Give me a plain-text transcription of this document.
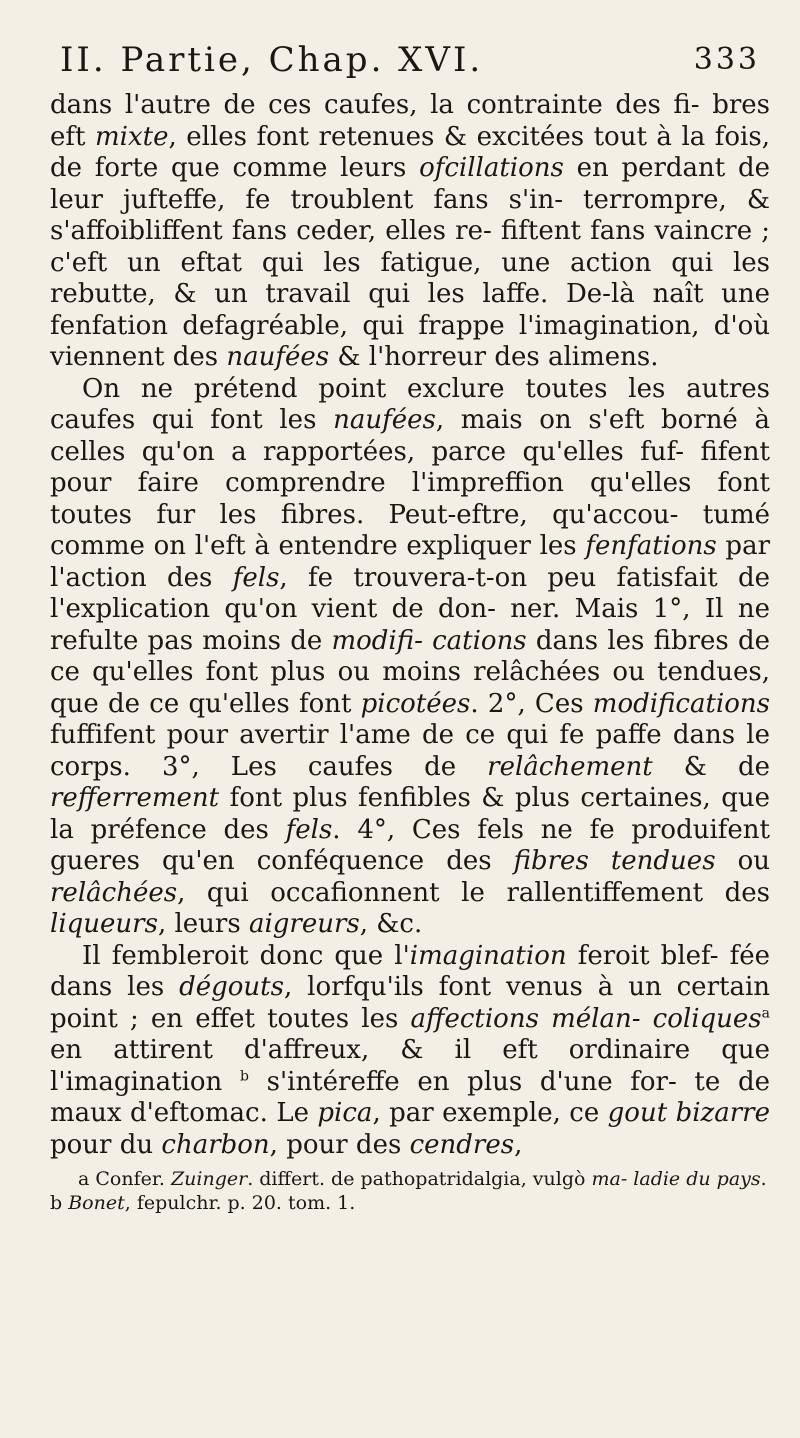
II. Partie, Chap. XVI.	333

dans l'autre de ces caufes, la contrainte des fi- bres eft mixte, elles font retenues & excitées tout à la fois, de forte que comme leurs ofcillations en perdant de leur jufteffe, fe troublent fans s'in- terrompre, & s'affoibliffent fans ceder, elles re- fiftent fans vaincre ; c'eft un eftat qui les fatigue, une action qui les rebutte, & un travail qui les laffe. De-là naît une fenfation defagréable, qui frappe l'imagination, d'où viennent des naufées & l'horreur des alimens.

On ne prétend point exclure toutes les autres caufes qui font les naufées, mais on s'eft borné à celles qu'on a rapportées, parce qu'elles fuf- fifent pour faire comprendre l'impreffion qu'elles font toutes fur les fibres. Peut-eftre, qu'accou- tumé comme on l'eft à entendre expliquer les fenfations par l'action des fels, fe trouvera-t-on peu fatisfait de l'explication qu'on vient de don- ner. Mais 1°, Il ne refulte pas moins de modifi- cations dans les fibres de ce qu'elles font plus ou moins relâchées ou tendues, que de ce qu'elles font picotées. 2°, Ces modifications fuffifent pour avertir l'ame de ce qui fe paffe dans le corps. 3°, Les caufes de relâchement & de refferrement font plus fenfibles & plus certaines, que la préfence des fels. 4°, Ces fels ne fe produifent gueres qu'en conféquence des fibres tendues ou relâchées, qui occafionnent le rallentiffement des liqueurs, leurs aigreurs, &c.

Il fembleroit donc que l'imagination feroit blef- fée dans les dégouts, lorfqu'ils font venus à un certain point ; en effet toutes les affections mélan- coliques$^a$ en attirent d'affreux, & il eft ordinaire que l'imagination $^b$ s'intéreffe en plus d'une for- te de maux d'eftomac. Le pica, par exemple, ce gout bizarre pour du charbon, pour des cendres,

a Confer. Zuinger. differt. de pathopatridalgia, vulgò ma- ladie du pays. b Bonet, fepulchr. p. 20. tom. 1.
